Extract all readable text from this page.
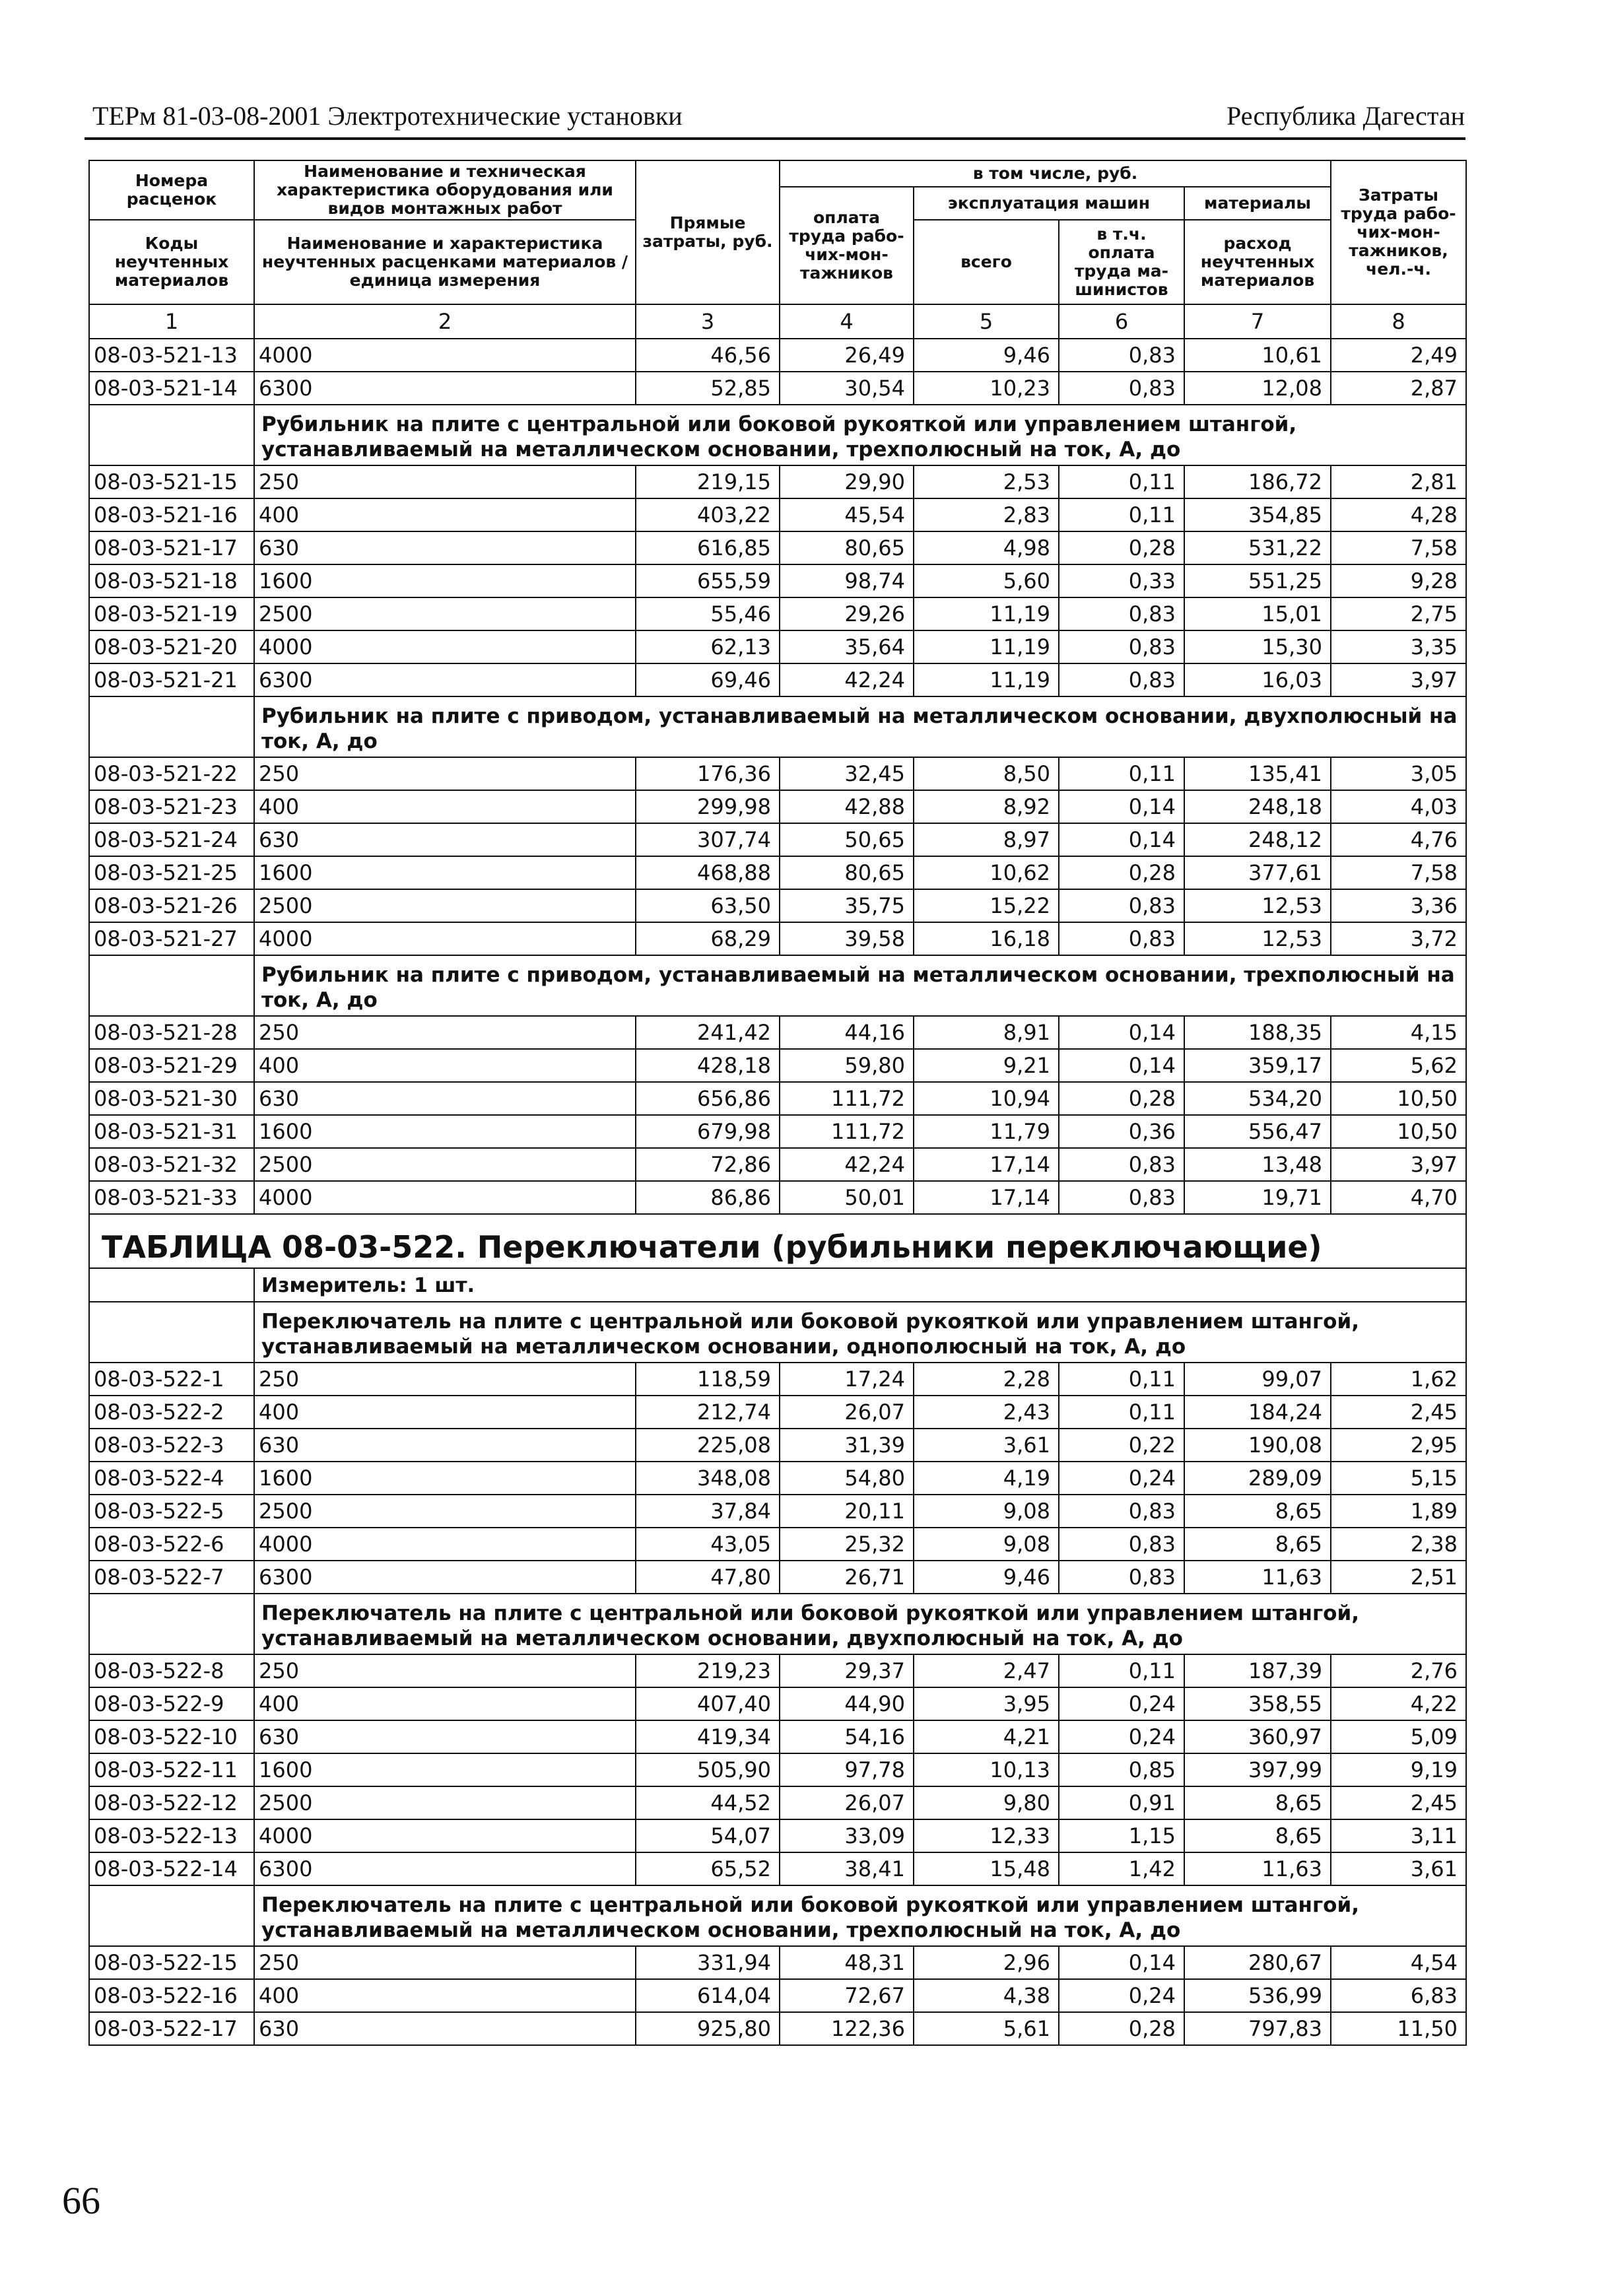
ТЕРм 81-03-08-2001 Электротехнические установки	Республика Дагестан
Номера расценок	Наименование и техническая характеристика оборудования или видов монтажных работ	Прямые затраты, руб.	в том числе, руб.				Затраты труда рабо-чих-мон-тажников, чел.-ч.
			оплата труда рабо-чих-мон-тажников	эксплуатация машин		материалы	
Коды неучтенных материалов	Наименование и характеристика неучтенных расценками материалов / единица измерения			всего	в т.ч. оплата труда ма-шинистов	расход неучтенных материалов	

1	2	3	4	5	6	7	8
08-03-521-13	4000	46,56	26,49	9,46	0,83	10,61	2,49
08-03-521-14	6300	52,85	30,54	10,23	0,83	12,08	2,87
	Рубильник на плите с центральной или боковой рукояткой или управлением штангой, устанавливаемый на металлическом основании, трехполюсный на ток, А, до						
08-03-521-15	250	219,15	29,90	2,53	0,11	186,72	2,81
08-03-521-16	400	403,22	45,54	2,83	0,11	354,85	4,28
08-03-521-17	630	616,85	80,65	4,98	0,28	531,22	7,58
08-03-521-18	1600	655,59	98,74	5,60	0,33	551,25	9,28
08-03-521-19	2500	55,46	29,26	11,19	0,83	15,01	2,75
08-03-521-20	4000	62,13	35,64	11,19	0,83	15,30	3,35
08-03-521-21	6300	69,46	42,24	11,19	0,83	16,03	3,97
	Рубильник на плите с приводом, устанавливаемый на металлическом основании, двухполюсный на ток, А, до						
08-03-521-22	250	176,36	32,45	8,50	0,11	135,41	3,05
08-03-521-23	400	299,98	42,88	8,92	0,14	248,18	4,03
08-03-521-24	630	307,74	50,65	8,97	0,14	248,12	4,76
08-03-521-25	1600	468,88	80,65	10,62	0,28	377,61	7,58
08-03-521-26	2500	63,50	35,75	15,22	0,83	12,53	3,36
08-03-521-27	4000	68,29	39,58	16,18	0,83	12,53	3,72
	Рубильник на плите с приводом, устанавливаемый на металлическом основании, трехполюсный на ток, А, до						
08-03-521-28	250	241,42	44,16	8,91	0,14	188,35	4,15
08-03-521-29	400	428,18	59,80	9,21	0,14	359,17	5,62
08-03-521-30	630	656,86	111,72	10,94	0,28	534,20	10,50
08-03-521-31	1600	679,98	111,72	11,79	0,36	556,47	10,50
08-03-521-32	2500	72,86	42,24	17,14	0,83	13,48	3,97
08-03-521-33	4000	86,86	50,01	17,14	0,83	19,71	4,70
ТАБЛИЦА 08-03-522. Переключатели (рубильники переключающие)							
	Измеритель: 1 шт.						
	Переключатель на плите с центральной или боковой рукояткой или управлением штангой, устанавливаемый на металлическом основании, однополюсный на ток, А, до						
08-03-522-1	250	118,59	17,24	2,28	0,11	99,07	1,62
08-03-522-2	400	212,74	26,07	2,43	0,11	184,24	2,45
08-03-522-3	630	225,08	31,39	3,61	0,22	190,08	2,95
08-03-522-4	1600	348,08	54,80	4,19	0,24	289,09	5,15
08-03-522-5	2500	37,84	20,11	9,08	0,83	8,65	1,89
08-03-522-6	4000	43,05	25,32	9,08	0,83	8,65	2,38
08-03-522-7	6300	47,80	26,71	9,46	0,83	11,63	2,51
	Переключатель на плите с центральной или боковой рукояткой или управлением штангой, устанавливаемый на металлическом основании, двухполюсный на ток, А, до						
08-03-522-8	250	219,23	29,37	2,47	0,11	187,39	2,76
08-03-522-9	400	407,40	44,90	3,95	0,24	358,55	4,22
08-03-522-10	630	419,34	54,16	4,21	0,24	360,97	5,09
08-03-522-11	1600	505,90	97,78	10,13	0,85	397,99	9,19
08-03-522-12	2500	44,52	26,07	9,80	0,91	8,65	2,45
08-03-522-13	4000	54,07	33,09	12,33	1,15	8,65	3,11
08-03-522-14	6300	65,52	38,41	15,48	1,42	11,63	3,61
	Переключатель на плите с центральной или боковой рукояткой или управлением штангой, устанавливаемый на металлическом основании, трехполюсный на ток, А, до						
08-03-522-15	250	331,94	48,31	2,96	0,14	280,67	4,54
08-03-522-16	400	614,04	72,67	4,38	0,24	536,99	6,83
08-03-522-17	630	925,80	122,36	5,61	0,28	797,83	11,50
66
